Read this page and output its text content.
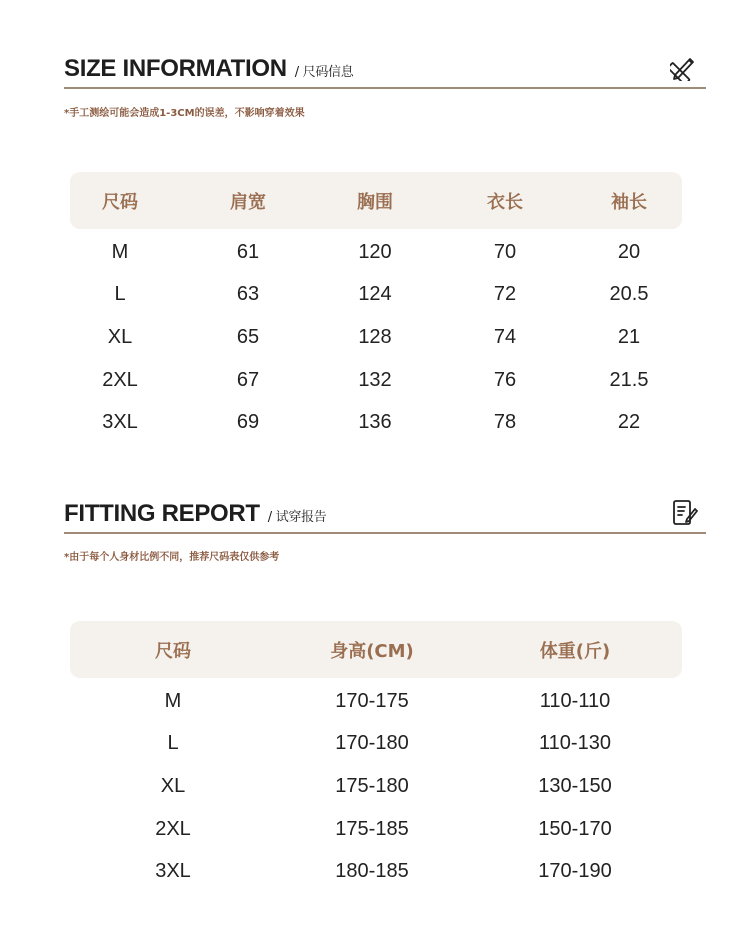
SIZE INFORMATION / 尺码信息
*手工测绘可能会造成1-3CM的误差，不影响穿着效果
尺码	肩宽	胸围	衣长	袖长
M	61	120	70	20
L	63	124	72	20.5
XL	65	128	74	21
2XL	67	132	76	21.5
3XL	69	136	78	22
FITTING REPORT / 试穿报告
*由于每个人身材比例不同，推荐尺码表仅供参考
尺码	身高(CM)	体重(斤)
M	170-175	110-110
L	170-180	110-130
XL	175-180	130-150
2XL	175-185	150-170
3XL	180-185	170-190
